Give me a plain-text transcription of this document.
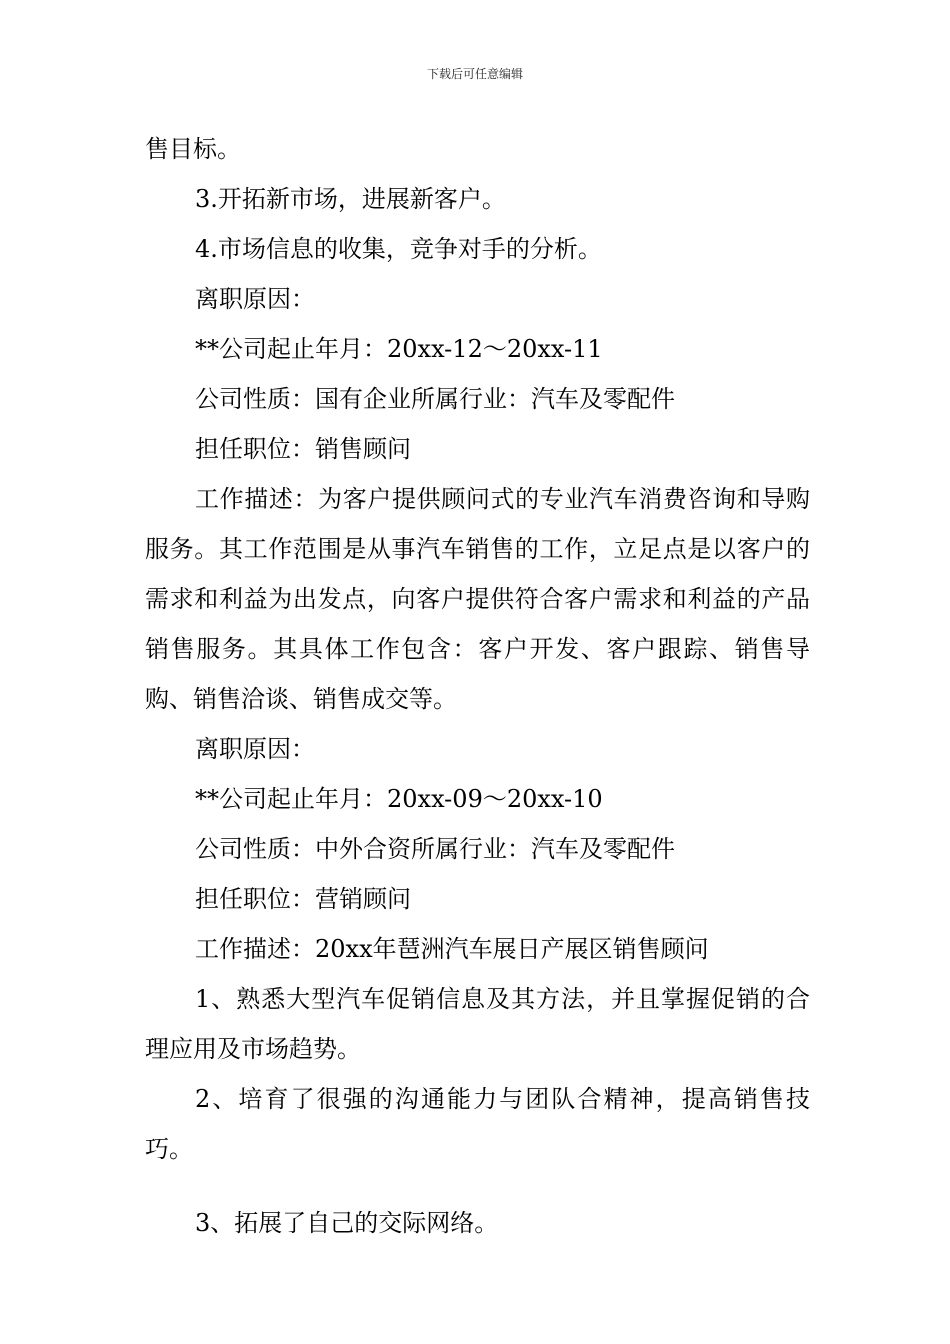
下载后可任意编辑

售目标。

3.开拓新市场，进展新客户。

4.市场信息的收集，竞争对手的分析。

离职原因：

**公司起止年月：20xx-12～20xx-11

公司性质：国有企业所属行业：汽车及零配件

担任职位：销售顾问

工作描述：为客户提供顾问式的专业汽车消费咨询和导购服务。其工作范围是从事汽车销售的工作，立足点是以客户的需求和利益为出发点，向客户提供符合客户需求和利益的产品销售服务。其具体工作包含：客户开发、客户跟踪、销售导购、销售洽谈、销售成交等。

离职原因：

**公司起止年月：20xx-09～20xx-10

公司性质：中外合资所属行业：汽车及零配件

担任职位：营销顾问

工作描述：20xx年琶洲汽车展日产展区销售顾问

1、熟悉大型汽车促销信息及其方法，并且掌握促销的合理应用及市场趋势。

2、培育了很强的沟通能力与团队合精神，提高销售技巧。

3、拓展了自己的交际网络。
